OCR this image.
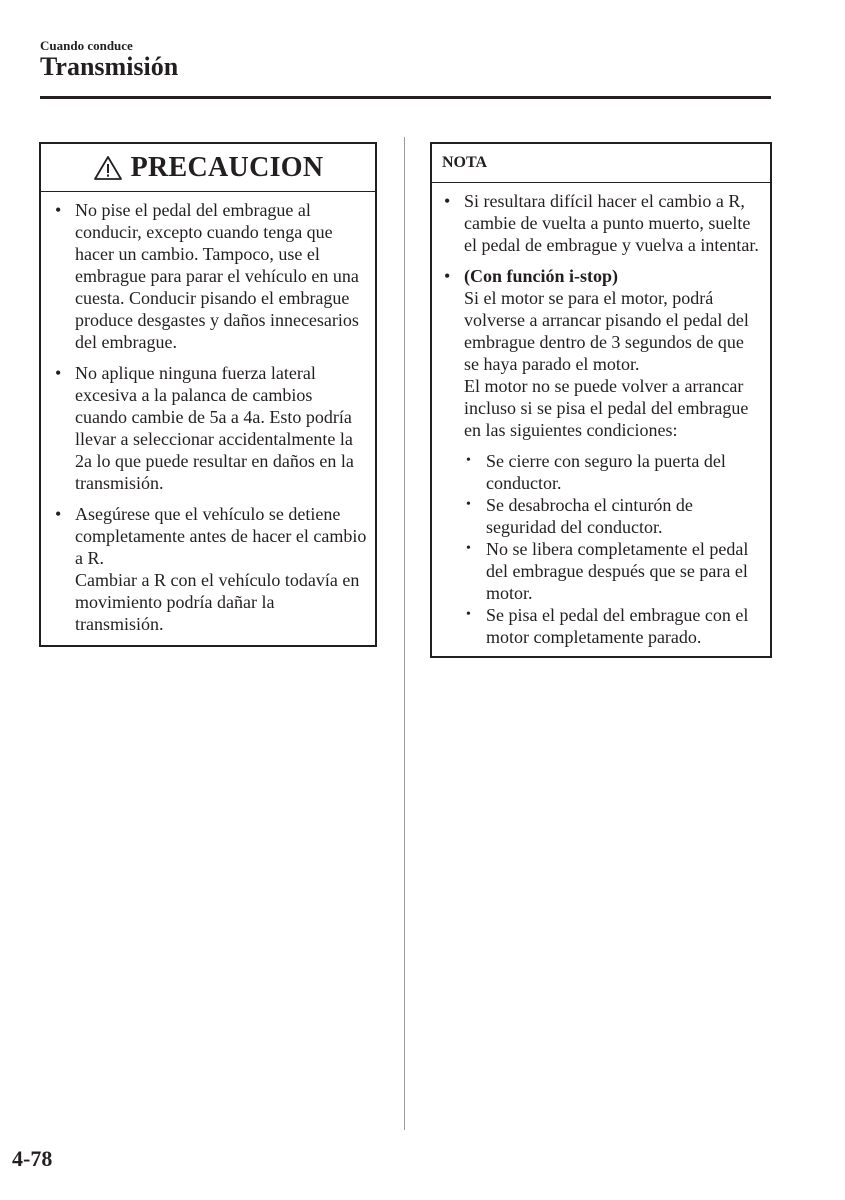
Cuando conduce
Transmisión
PRECAUCION
• No pise el pedal del embrague al conducir, excepto cuando tenga que hacer un cambio. Tampoco, use el embrague para parar el vehículo en una cuesta. Conducir pisando el embrague produce desgastes y daños innecesarios del embrague.
• No aplique ninguna fuerza lateral excesiva a la palanca de cambios cuando cambie de 5a a 4a. Esto podría llevar a seleccionar accidentalmente la 2a lo que puede resultar en daños en la transmisión.
• Asegúrese que el vehículo se detiene completamente antes de hacer el cambio a R.
Cambiar a R con el vehículo todavía en movimiento podría dañar la transmisión.
NOTA
• Si resultara difícil hacer el cambio a R, cambie de vuelta a punto muerto, suelte el pedal de embrague y vuelva a intentar.
• (Con función i-stop)
Si el motor se para el motor, podrá volverse a arrancar pisando el pedal del embrague dentro de 3 segundos de que se haya parado el motor.
El motor no se puede volver a arrancar incluso si se pisa el pedal del embrague en las siguientes condiciones:
• Se cierre con seguro la puerta del conductor.
• Se desabrocha el cinturón de seguridad del conductor.
• No se libera completamente el pedal del embrague después que se para el motor.
• Se pisa el pedal del embrague con el motor completamente parado.
4-78
